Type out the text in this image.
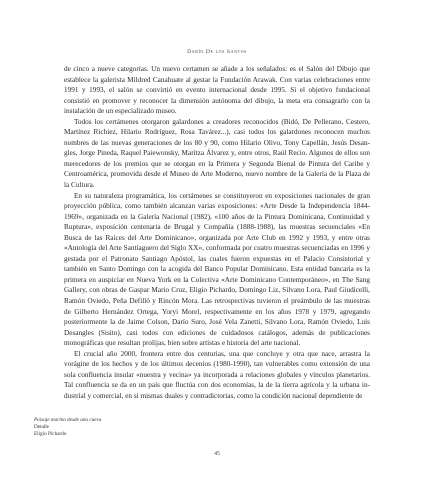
Darío De los Santos

de cinco a nueve categorías. Un nuevo certamen se añade a los señalados: es el Salón del Dibujo que establece la galerista Mildred Canahuate al gestar la Fundación Arawak. Con varias celebraciones entre 1991 y 1993, el salón se convirtió en evento internacional desde 1995. Si el objetivo fundacional consistió en promover y reconocer la dimensión autónoma del dibujo, la meta era consagrarlo con la instalación de un especializado museo.

Todos los certámenes otorgaron galardones a creadores reconocidos (Bidó, De Pellerano, Cestero, Martínez Richiez, Hilario Rodríguez, Rosa Tavárez...), casi todos los galardones reconocen muchos nombres de las nuevas generaciones de los 80 y 90, como Hilario Olivo, Tony Capellán, Jesús Desangles, Jorge Pineda, Raquel Paiewonsky, Marítza Álvarez y, entre otros, Raúl Recio. Algunos de ellos son merecedores de los premios que se otorgan en la Primera y Segunda Bienal de Pintura del Caribe y Centroamérica, promovida desde el Museo de Arte Moderno, nuevo nombre de la Galería de la Plaza de la Cultura.

En su naturaleza programática, los certámenes se constituyeron en exposiciones nacionales de gran proyección pública, como también alcanzan varias exposiciones: «Arte Desde la Independencia 1844-1969», organizada en la Galería Nacional (1982), «100 años de la Pintura Dominicana, Continuidad y Ruptura», exposición centenaria de Brugal y Compañía (1888-1988), las muestras secuenciales «En Busca de las Raíces del Arte Dominicano», organizada por Arte Club en 1992 y 1993, y entre otras «Antología del Arte Santiaguero del Siglo XX», conformada por cuatro muestras secuenciadas en 1996 y gestada por el Patronato Santiago Apóstol, las cuales fueron expuestas en el Palacio Consistorial y también en Santo Domingo con la acogida del Banco Popular Dominicano. Esta entidad bancaria es la primera en auspiciar en Nueva York en la Colectiva «Arte Dominicano Contemporáneo», en The Sang Gallery, con obras de Gaspar Mario Cruz, Eligio Pichardo, Domingo Liz, Silvano Lora, Paul Giudicelli, Ramón Oviedo, Peña Defilló y Rincón Mora. Las retrospectivas tuvieron el preámbulo de las muestras de Gilberto Hernández Ortega, Yoryi Morel, respectivamente en los años 1978 y 1979, agregando posteriormente la de Jaime Colson, Darío Suro, José Vela Zanetti, Silvano Lora, Ramón Oviedo, Luis Desangles (Sisito), casi todos con ediciones de cuidadosos catálogos, además de publicaciones monográficas que resultan prolijas, bien sobre artistas e historia del arte nacional.

El crucial año 2000, frontera entre dos centurias, una que concluye y otra que nace, arrastra la vorágine de los hechos y de los últimos decenios (1980-1990), tan vulnerables como extensión de una sola confluencia insular «nuestra y vecina» ya incorporada a relaciones globales y vínculos planetarios. Tal confluencia se da en un país que fluctúa con dos economías, la de la tierra agrícola y la urbana industrial y comercial, en sí mismas duales y contradictorias, como la condición nacional dependiente de

Paisaje marino desde una cueva
Detalle
Eligio Pichardo
45
